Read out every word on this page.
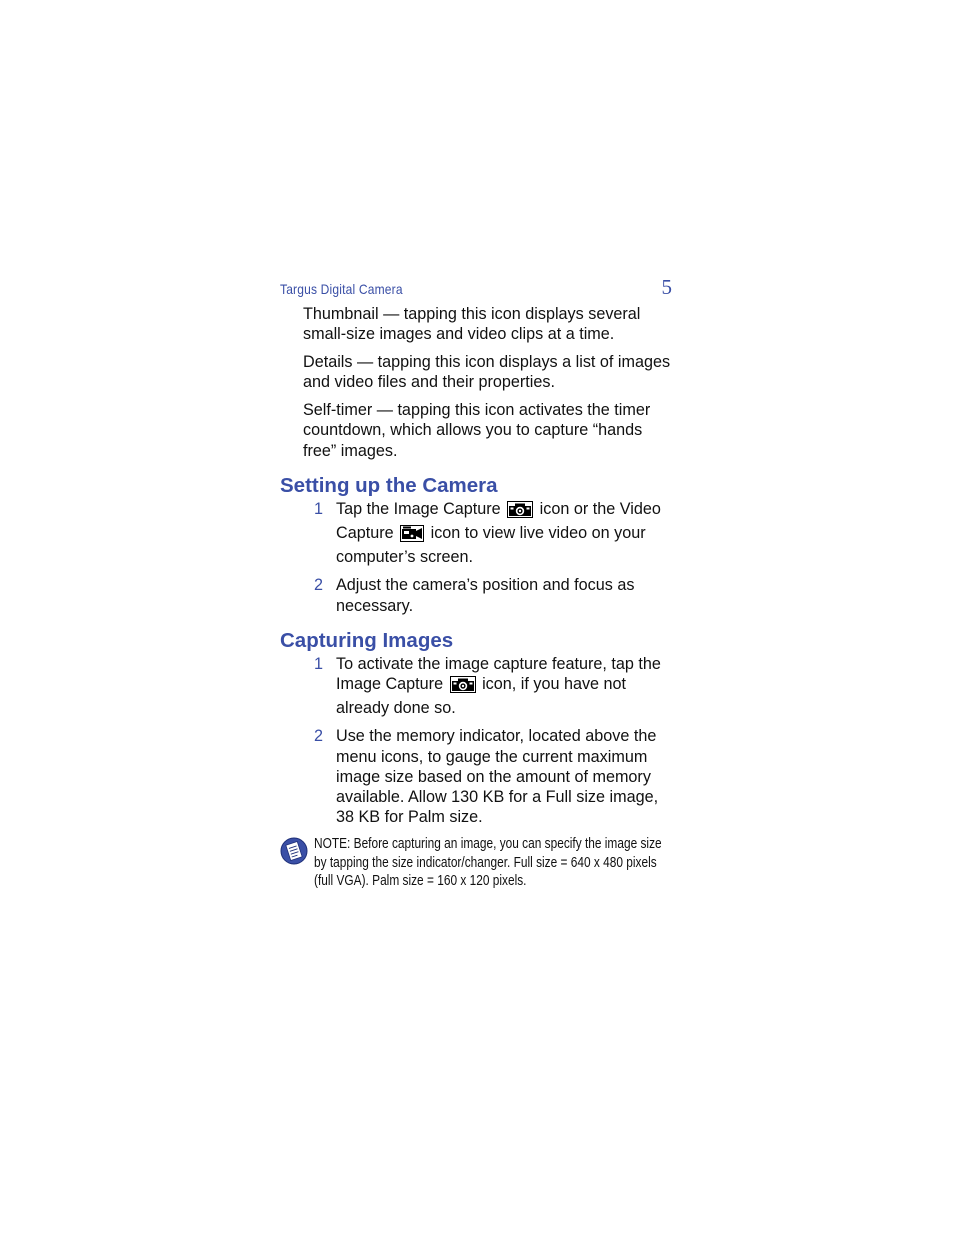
Targus Digital Camera	5

Thumbnail — tapping this icon displays several small-size images and video clips at a time.

Details — tapping this icon displays a list of images and video files and their properties.

Self-timer — tapping this icon activates the timer countdown, which allows you to capture “hands free” images.

Setting up the Camera
1 Tap the Image Capture icon or the Video Capture icon to view live video on your computer’s screen.
2 Adjust the camera’s position and focus as necessary.
Capturing Images
1 To activate the image capture feature, tap the Image Capture icon, if you have not already done so.
2 Use the memory indicator, located above the menu icons, to gauge the current maximum image size based on the amount of memory available. Allow 130 KB for a Full size image, 38 KB for Palm size.

NOTE: Before capturing an image, you can specify the image size by tapping the size indicator/changer. Full size = 640 x 480 pixels (full VGA). Palm size = 160 x 120 pixels.
